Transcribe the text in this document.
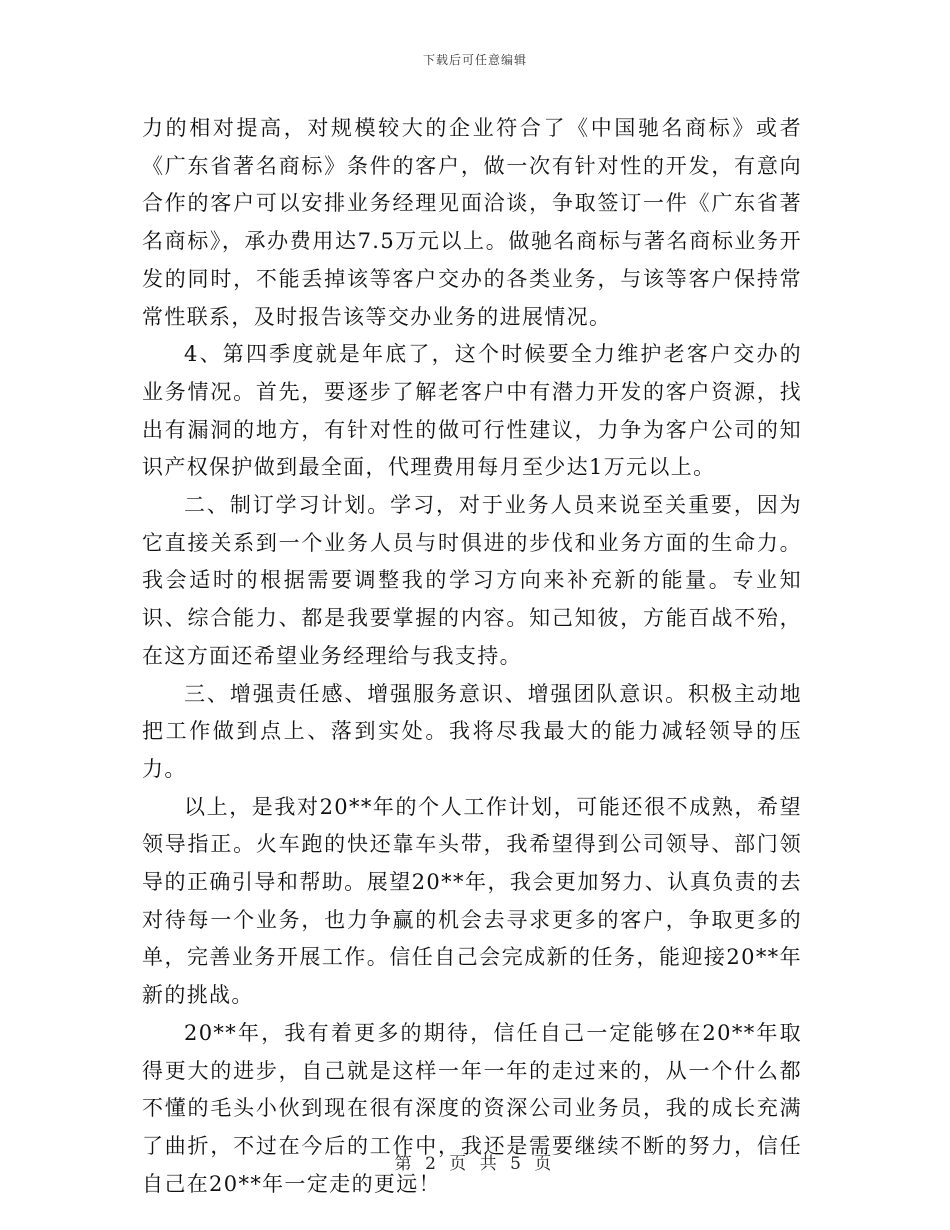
下载后可任意编辑

力的相对提高，对规模较大的企业符合了《中国驰名商标》或者《广东省著名商标》条件的客户，做一次有针对性的开发，有意向合作的客户可以安排业务经理见面洽谈，争取签订一件《广东省著名商标》，承办费用达7.5万元以上。做驰名商标与著名商标业务开发的同时，不能丢掉该等客户交办的各类业务，与该等客户保持常常性联系，及时报告该等交办业务的进展情况。

4、第四季度就是年底了，这个时候要全力维护老客户交办的业务情况。首先，要逐步了解老客户中有潜力开发的客户资源，找出有漏洞的地方，有针对性的做可行性建议，力争为客户公司的知识产权保护做到最全面，代理费用每月至少达1万元以上。

二、制订学习计划。学习，对于业务人员来说至关重要，因为它直接关系到一个业务人员与时俱进的步伐和业务方面的生命力。我会适时的根据需要调整我的学习方向来补充新的能量。专业知识、综合能力、都是我要掌握的内容。知己知彼，方能百战不殆，在这方面还希望业务经理给与我支持。

三、增强责任感、增强服务意识、增强团队意识。积极主动地把工作做到点上、落到实处。我将尽我最大的能力减轻领导的压力。

以上，是我对20**年的个人工作计划，可能还很不成熟，希望领导指正。火车跑的快还靠车头带，我希望得到公司领导、部门领导的正确引导和帮助。展望20**年，我会更加努力、认真负责的去对待每一个业务，也力争赢的机会去寻求更多的客户，争取更多的单，完善业务开展工作。信任自己会完成新的任务，能迎接20**年新的挑战。

20**年，我有着更多的期待，信任自己一定能够在20**年取得更大的进步，自己就是这样一年一年的走过来的，从一个什么都不懂的毛头小伙到现在很有深度的资深公司业务员，我的成长充满了曲折，不过在今后的工作中，我还是需要继续不断的努力，信任自己在20**年一定走的更远！

第 2 页 共 5 页
